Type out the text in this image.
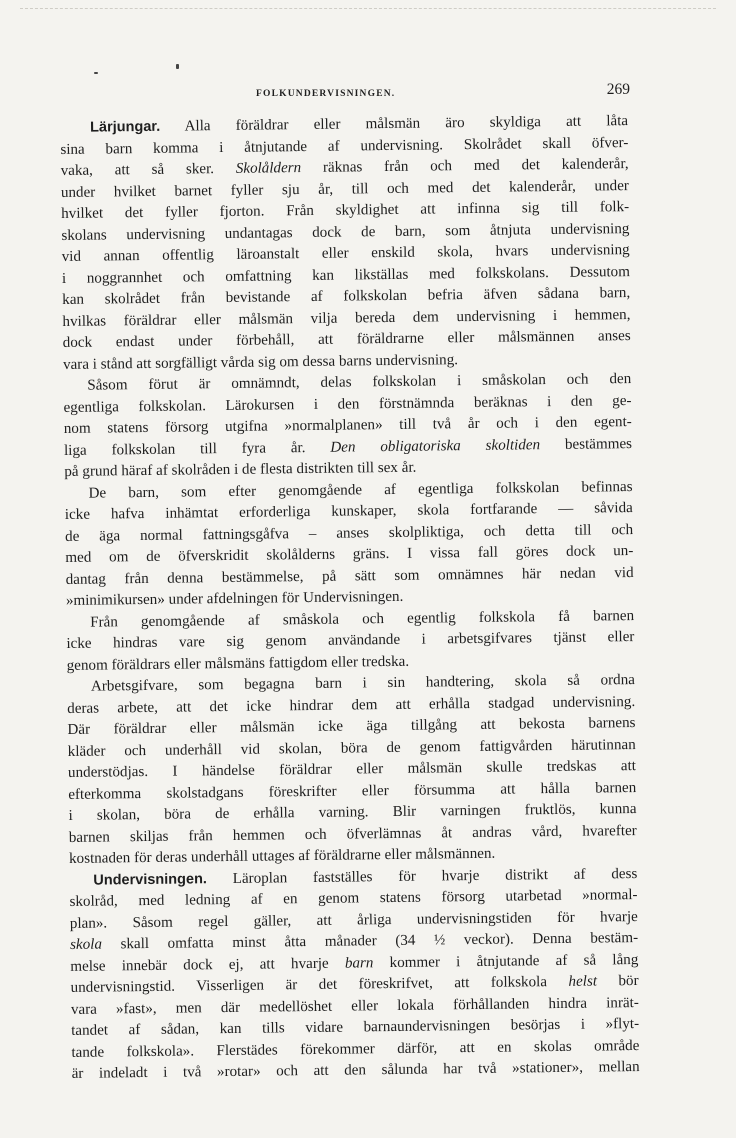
FOLKUNDERVISNINGEN.	269
Lärjungar. Alla föräldrar eller målsmän äro skyldiga att låta
sina barn komma i åtnjutande af undervisning. Skolrådet skall öfver-
vaka, att så sker. Skolåldern räknas från och med det kalenderår,
under hvilket barnet fyller sju år, till och med det kalenderår, under
hvilket det fyller fjorton. Från skyldighet att infinna sig till folk-
skolans undervisning undantagas dock de barn, som åtnjuta undervisning
vid annan offentlig läroanstalt eller enskild skola, hvars undervisning
i noggrannhet och omfattning kan likställas med folkskolans. Dessutom
kan skolrådet från bevistande af folkskolan befria äfven sådana barn,
hvilkas föräldrar eller målsmän vilja bereda dem undervisning i hemmen,
dock endast under förbehåll, att föräldrarne eller målsmännen anses
vara i stånd att sorgfälligt vårda sig om dessa barns undervisning.
Såsom förut är omnämndt, delas folkskolan i småskolan och den
egentliga folkskolan. Lärokursen i den förstnämnda beräknas i den ge-
nom statens försorg utgifna »normalplanen» till två år och i den egent-
liga folkskolan till fyra år. Den obligatoriska skoltiden bestämmes
på grund häraf af skolråden i de flesta distrikten till sex år.
De barn, som efter genomgående af egentliga folkskolan befinnas
icke hafva inhämtat erforderliga kunskaper, skola fortfarande — såvida
de äga normal fattningsgåfva – anses skolpliktiga, och detta till och
med om de öfverskridit skolålderns gräns. I vissa fall göres dock un-
dantag från denna bestämmelse, på sätt som omnämnes här nedan vid
»minimikursen» under afdelningen för Undervisningen.
Från genomgående af småskola och egentlig folkskola få barnen
icke hindras vare sig genom användande i arbetsgifvares tjänst eller
genom föräldrars eller målsmäns fattigdom eller tredska.
Arbetsgifvare, som begagna barn i sin handtering, skola så ordna
deras arbete, att det icke hindrar dem att erhålla stadgad undervisning.
Där föräldrar eller målsmän icke äga tillgång att bekosta barnens
kläder och underhåll vid skolan, böra de genom fattigvården härutinnan
understödjas. I händelse föräldrar eller målsmän skulle tredskas att
efterkomma skolstadgans föreskrifter eller försumma att hålla barnen
i skolan, böra de erhålla varning. Blir varningen fruktlös, kunna
barnen skiljas från hemmen och öfverlämnas åt andras vård, hvarefter
kostnaden för deras underhåll uttages af föräldrarne eller målsmännen.
Undervisningen. Läroplan fastställes för hvarje distrikt af dess
skolråd, med ledning af en genom statens försorg utarbetad »normal-
plan». Såsom regel gäller, att årliga undervisningstiden för hvarje
skola skall omfatta minst åtta månader (34 ½ veckor). Denna bestäm-
melse innebär dock ej, att hvarje barn kommer i åtnjutande af så lång
undervisningstid. Visserligen är det föreskrifvet, att folkskola helst bör
vara »fast», men där medellöshet eller lokala förhållanden hindra inrät-
tandet af sådan, kan tills vidare barnaundervisningen besörjas i »flyt-
tande folkskola». Flerstädes förekommer därför, att en skolas område
är indeladt i två »rotar» och att den sålunda har två »stationer», mellan
